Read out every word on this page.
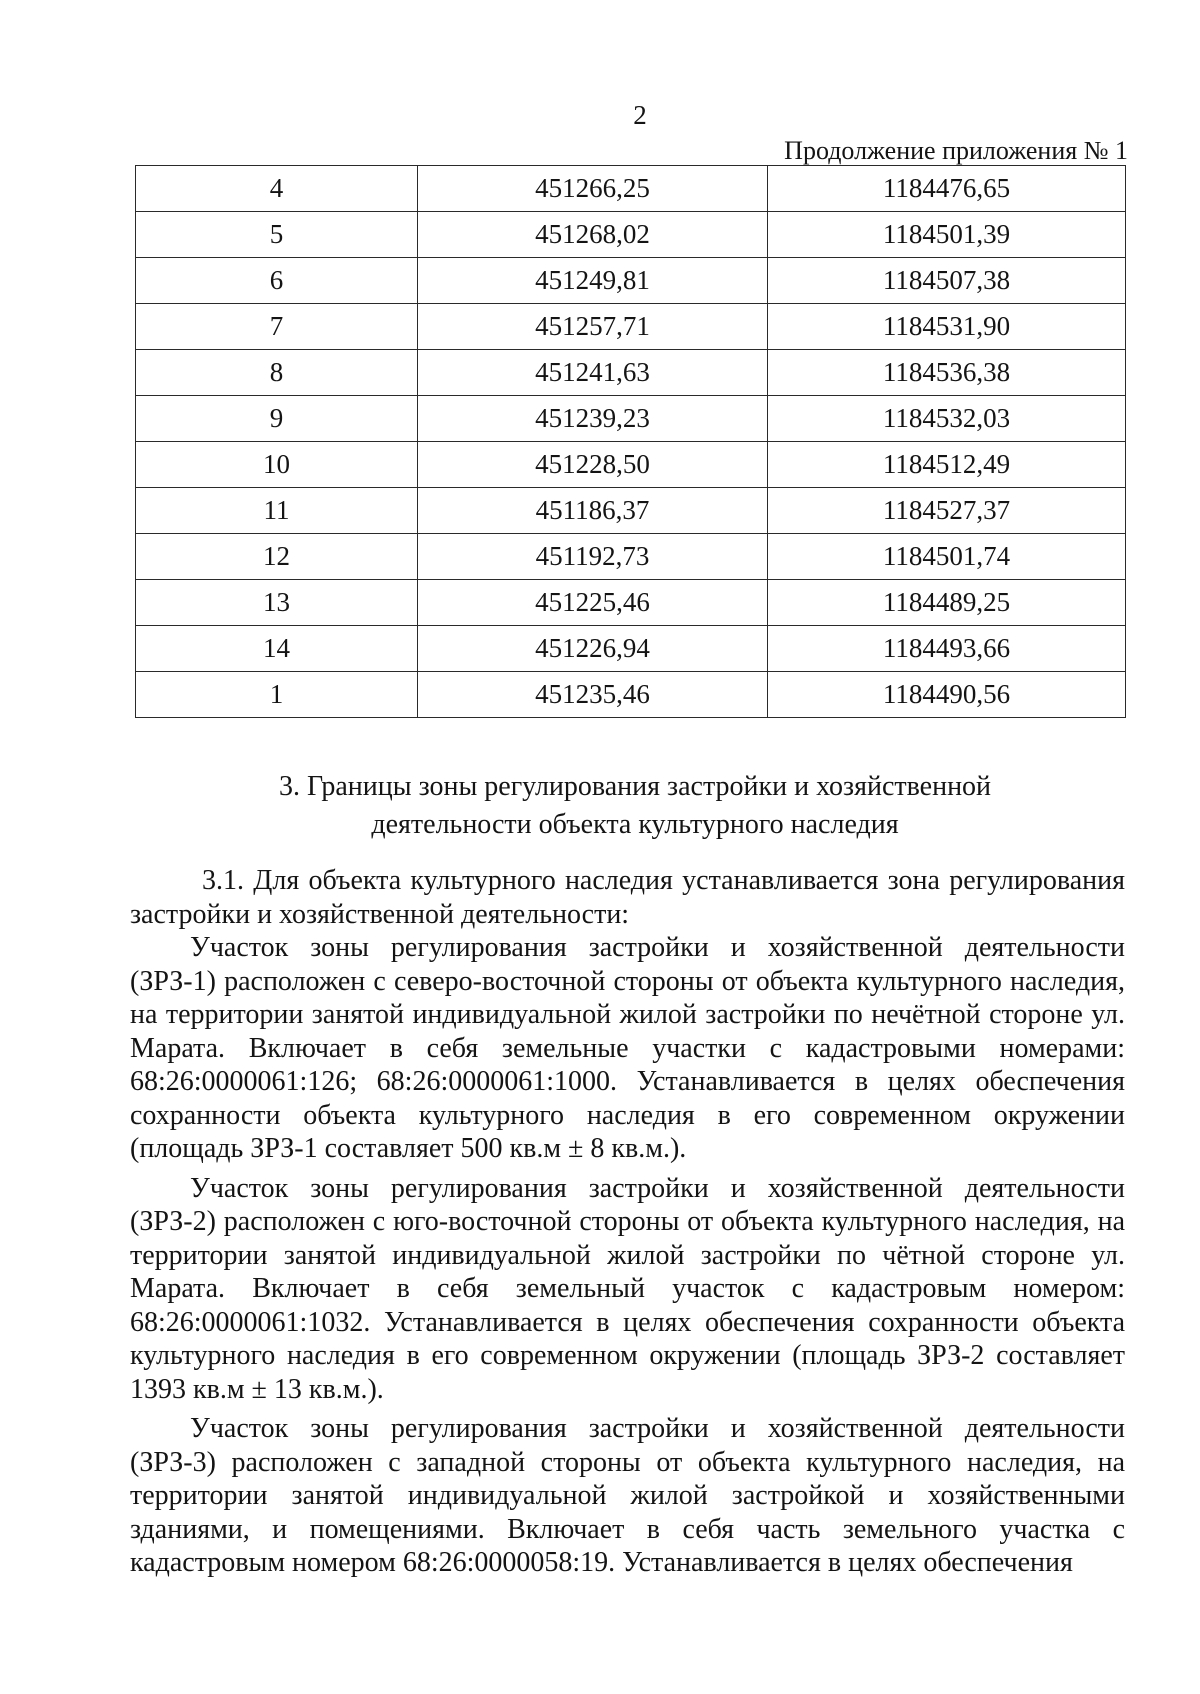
2
Продолжение приложения № 1
4	451266,25	1184476,65
5	451268,02	1184501,39
6	451249,81	1184507,38
7	451257,71	1184531,90
8	451241,63	1184536,38
9	451239,23	1184532,03
10	451228,50	1184512,49
11	451186,37	1184527,37
12	451192,73	1184501,74
13	451225,46	1184489,25
14	451226,94	1184493,66
1	451235,46	1184490,56
3. Границы зоны регулирования застройки и хозяйственной
деятельности объекта культурного наследия

3.1. Для объекта культурного наследия устанавливается зона регулирования застройки и хозяйственной деятельности:

Участок зоны регулирования застройки и хозяйственной деятельности (ЗРЗ-1) расположен с северо-восточной стороны от объекта культурного наследия, на территории занятой индивидуальной жилой застройки по нечётной стороне ул. Марата. Включает в себя земельные участки с кадастровыми номерами: 68:26:0000061:126; 68:26:0000061:1000. Устанавливается в целях обеспечения сохранности объекта культурного наследия в его современном окружении (площадь ЗРЗ-1 составляет 500 кв.м ± 8 кв.м.).

Участок зоны регулирования застройки и хозяйственной деятельности (ЗРЗ-2) расположен с юго-восточной стороны от объекта культурного наследия, на территории занятой индивидуальной жилой застройки по чётной стороне ул. Марата. Включает в себя земельный участок с кадастровым номером: 68:26:0000061:1032. Устанавливается в целях обеспечения сохранности объекта культурного наследия в его современном окружении (площадь ЗРЗ-2 составляет 1393 кв.м ± 13 кв.м.).

Участок зоны регулирования застройки и хозяйственной деятельности (ЗРЗ-3) расположен с западной стороны от объекта культурного наследия, на территории занятой индивидуальной жилой застройкой и хозяйственными зданиями, и помещениями. Включает в себя часть земельного участка с кадастровым номером 68:26:0000058:19. Устанавливается в целях обеспечения
